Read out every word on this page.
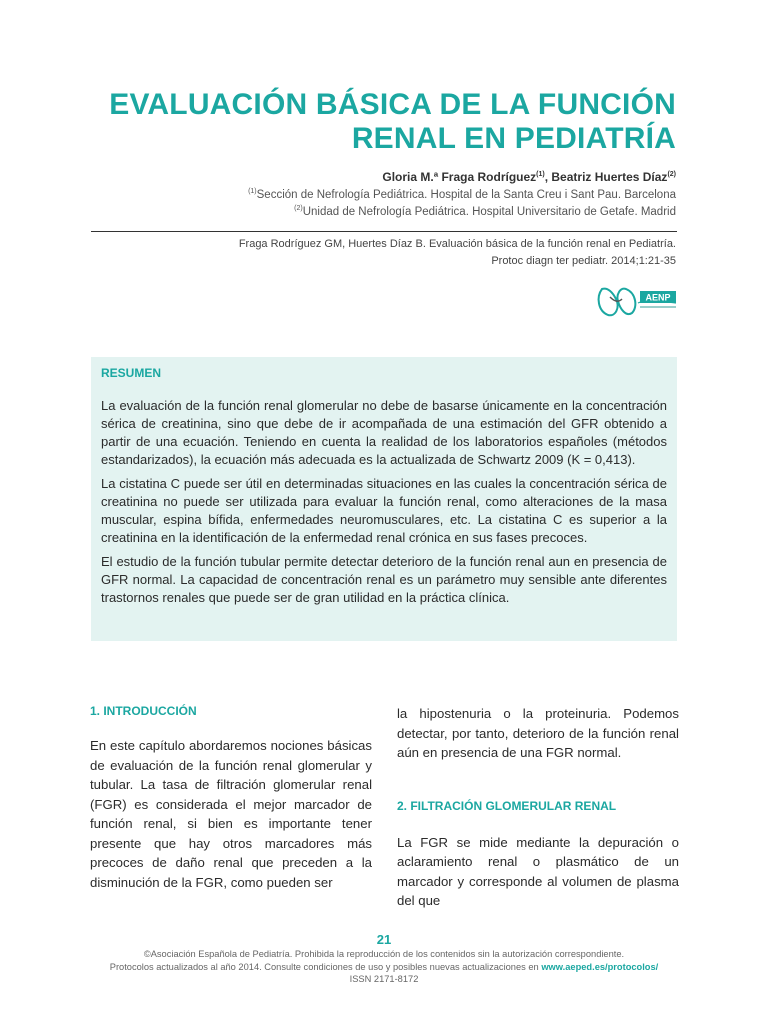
EVALUACIÓN BÁSICA DE LA FUNCIÓN
RENAL EN PEDIATRÍA
Gloria M.ª Fraga Rodríguez$^{(1)}$, Beatriz Huertes Díaz$^{(2)}$
$^{(1)}$Sección de Nefrología Pediátrica. Hospital de la Santa Creu i Sant Pau. Barcelona
$^{(2)}$Unidad de Nefrología Pediátrica. Hospital Universitario de Getafe. Madrid
Fraga Rodríguez GM, Huertes Díaz B. Evaluación básica de la función renal en Pediatría.
Protoc diagn ter pediatr. 2014;1:21-35
AENP
RESUMEN

La evaluación de la función renal glomerular no debe de basarse únicamente en la concentración sérica de creatinina, sino que debe de ir acompañada de una estimación del GFR obtenido a partir de una ecuación. Teniendo en cuenta la realidad de los laboratorios españoles (métodos estandarizados), la ecuación más adecuada es la actualizada de Schwartz 2009 (K = 0,413).

La cistatina C puede ser útil en determinadas situaciones en las cuales la concentración sérica de creatinina no puede ser utilizada para evaluar la función renal, como alteraciones de la masa muscular, espina bífida, enfermedades neuromusculares, etc. La cistatina C es superior a la creatinina en la identificación de la enfermedad renal crónica en sus fases precoces.

El estudio de la función tubular permite detectar deterioro de la función renal aun en presencia de GFR normal. La capacidad de concentración renal es un parámetro muy sensible ante diferentes trastornos renales que puede ser de gran utilidad en la práctica clínica.

1. INTRODUCCIÓN

En este capítulo abordaremos nociones básicas de evaluación de la función renal glomerular y tubular. La tasa de filtración glomerular renal (FGR) es considerada el mejor marcador de función renal, si bien es importante tener presente que hay otros marcadores más precoces de daño renal que preceden a la disminución de la FGR, como pueden ser

la hipostenuria o la proteinuria. Podemos detectar, por tanto, deterioro de la función renal aún en presencia de una FGR normal.

2. FILTRACIÓN GLOMERULAR RENAL

La FGR se mide mediante la depuración o aclaramiento renal o plasmático de un marcador y corresponde al volumen de plasma del que

21
©Asociación Española de Pediatría. Prohibida la reproducción de los contenidos sin la autorización correspondiente.
Protocolos actualizados al año 2014. Consulte condiciones de uso y posibles nuevas actualizaciones en www.aeped.es/protocolos/
ISSN 2171-8172
